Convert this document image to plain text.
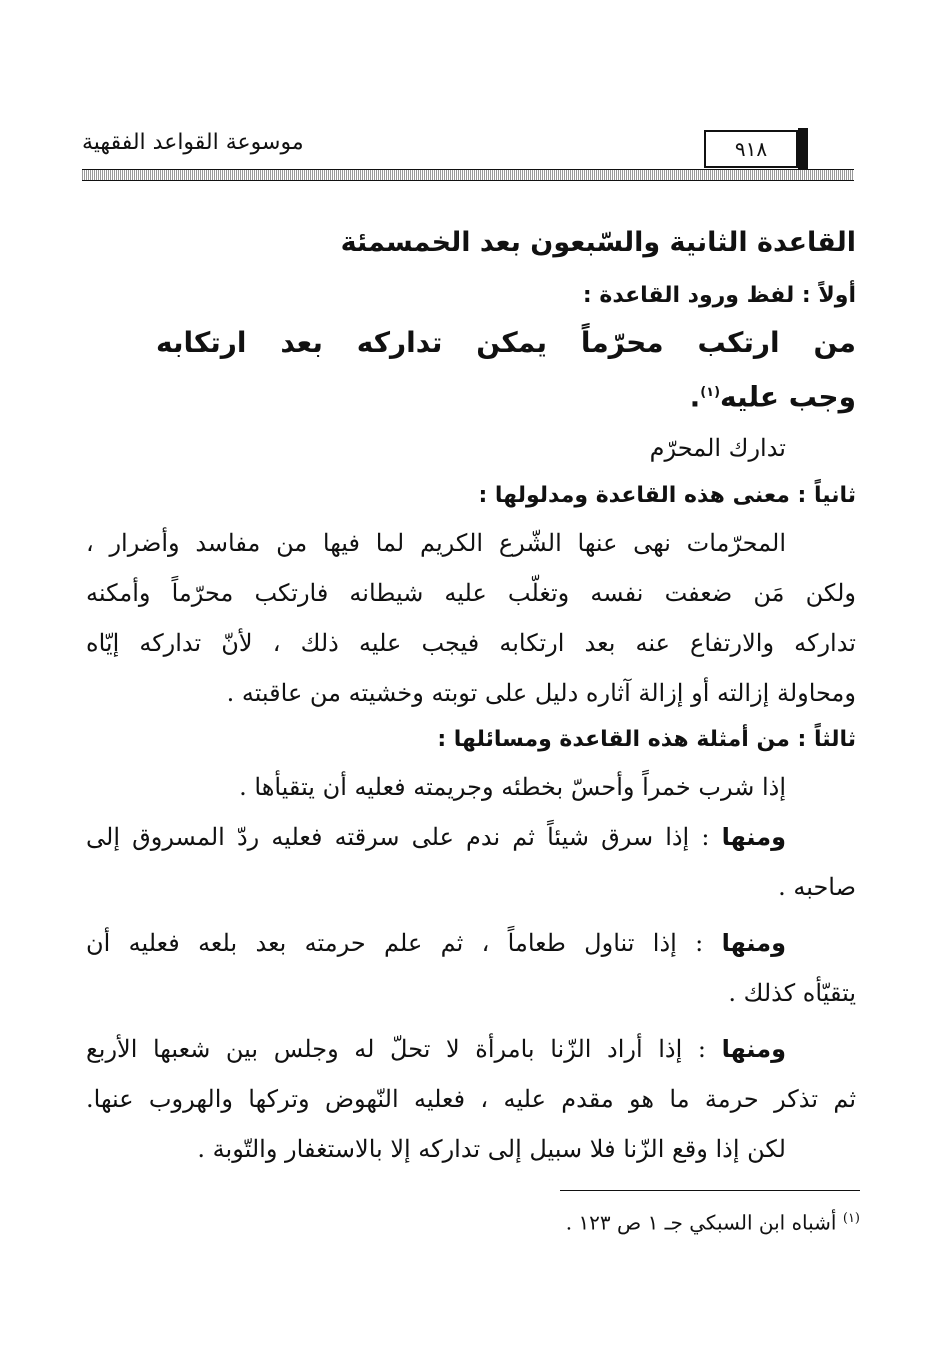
موسوعة القواعد الفقهية	٩١٨
القاعدة الثانية والسّبعون بعد الخمسمئة
أولاً : لفظ ورود القاعدة :
من ارتكب محرّماً يمكن تداركه بعد ارتكابه
وجب عليه$^{(١)}$.
تدارك المحرّم
ثانياً : معنى هذه القاعدة ومدلولها :
المحرّمات نهى عنها الشّرع الكريم لما فيها من مفاسد وأضرار ،
ولكن مَن ضعفت نفسه وتغلّب عليه شيطانه فارتكب محرّماً وأمكنه
تداركه والارتفاع عنه بعد ارتكابه فيجب عليه ذلك ، لأنّ تداركه إيّاه
ومحاولة إزالته أو إزالة آثاره دليل على توبته وخشيته من عاقبته .
ثالثاً : من أمثلة هذه القاعدة ومسائلها :
إذا شرب خمراً وأحسّ بخطئه وجريمته فعليه أن يتقيأها .
ومنها : إذا سرق شيئاً ثم ندم على سرقته فعليه ردّ المسروق إلى
صاحبه .
ومنها : إذا تناول طعاماً ، ثم علم حرمته بعد بلعه فعليه أن
يتقيّأه كذلك .
ومنها : إذا أراد الزّنا بامرأة لا تحلّ له وجلس بين شعبها الأربع
ثم تذكر حرمة ما هو مقدم عليه ، فعليه النّهوض وتركها والهروب عنها.
لكن إذا وقع الزّنا فلا سبيل إلى تداركه إلا بالاستغفار والتّوبة .
$^{(١)}$ أشباه ابن السبكي جـ ١ ص ١٢٣ .
